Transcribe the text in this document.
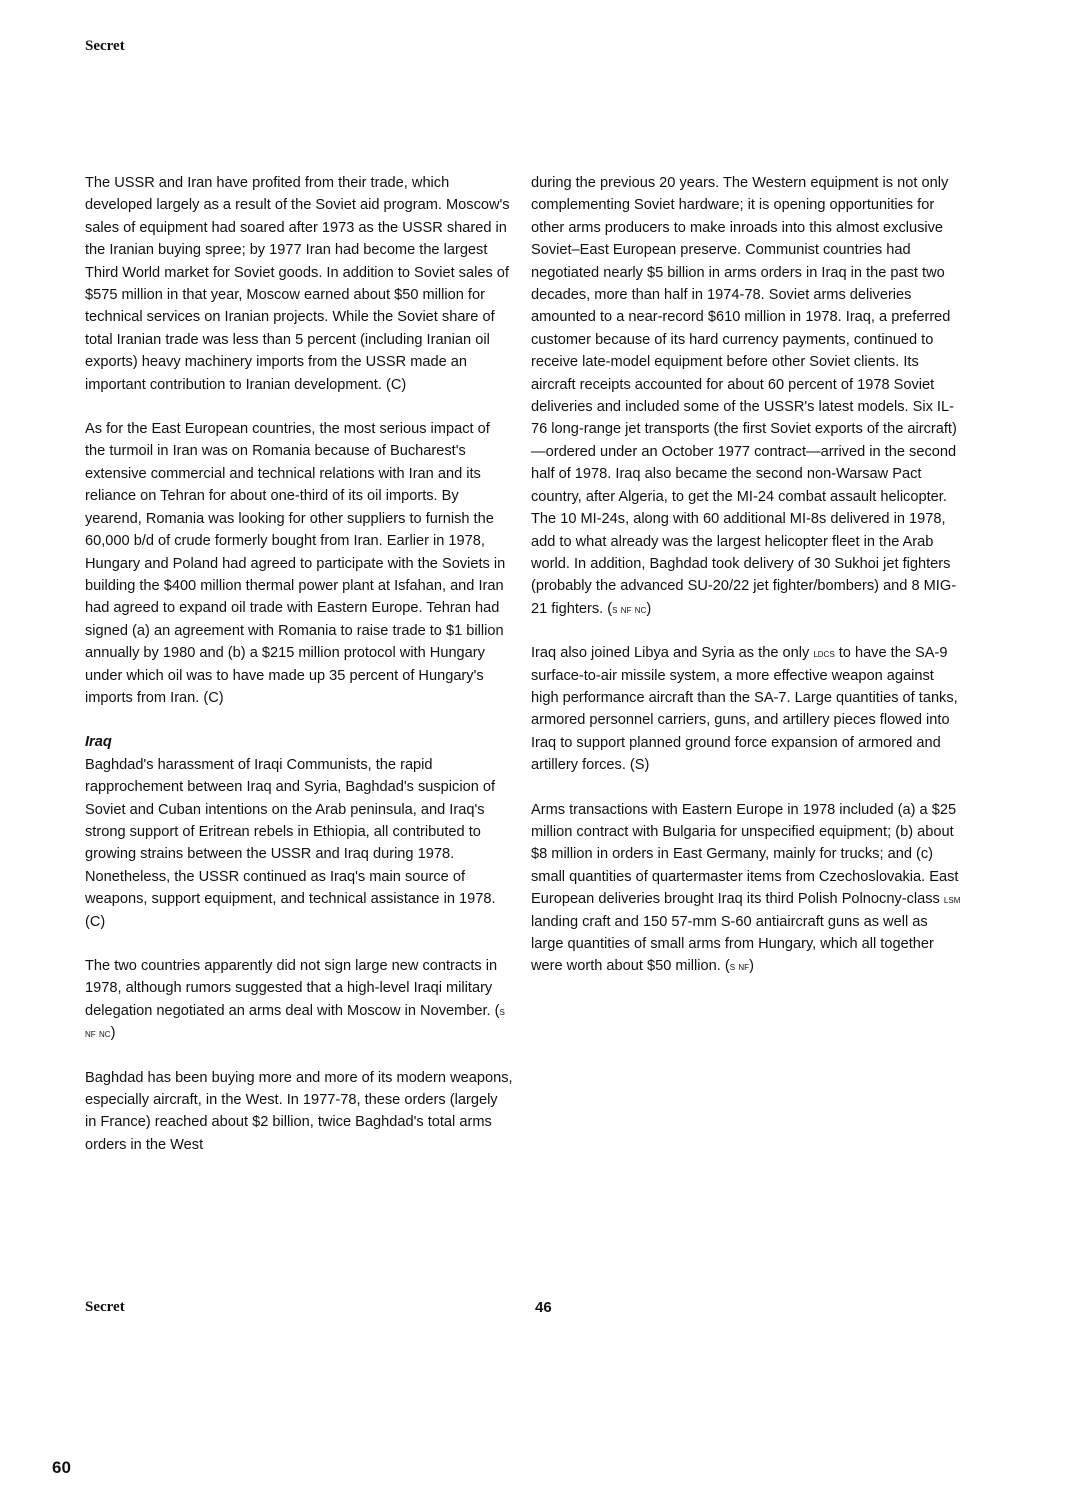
Secret

The USSR and Iran have profited from their trade, which developed largely as a result of the Soviet aid program. Moscow's sales of equipment had soared after 1973 as the USSR shared in the Iranian buying spree; by 1977 Iran had become the largest Third World market for Soviet goods. In addition to Soviet sales of $575 million in that year, Moscow earned about $50 million for technical services on Iranian projects. While the Soviet share of total Iranian trade was less than 5 percent (including Iranian oil exports) heavy machinery imports from the USSR made an important contribution to Iranian development. (C)

As for the East European countries, the most serious impact of the turmoil in Iran was on Romania because of Bucharest's extensive commercial and technical relations with Iran and its reliance on Tehran for about one-third of its oil imports. By yearend, Romania was looking for other suppliers to furnish the 60,000 b/d of crude formerly bought from Iran. Earlier in 1978, Hungary and Poland had agreed to participate with the Soviets in building the $400 million thermal power plant at Isfahan, and Iran had agreed to expand oil trade with Eastern Europe. Tehran had signed (a) an agreement with Romania to raise trade to $1 billion annually by 1980 and (b) a $215 million protocol with Hungary under which oil was to have made up 35 percent of Hungary's imports from Iran. (C)

Iraq

Baghdad's harassment of Iraqi Communists, the rapid rapprochement between Iraq and Syria, Baghdad's suspicion of Soviet and Cuban intentions on the Arab peninsula, and Iraq's strong support of Eritrean rebels in Ethiopia, all contributed to growing strains between the USSR and Iraq during 1978. Nonetheless, the USSR continued as Iraq's main source of weapons, support equipment, and technical assistance in 1978. (C)

The two countries apparently did not sign large new contracts in 1978, although rumors suggested that a high-level Iraqi military delegation negotiated an arms deal with Moscow in November. (s nf nc)

Baghdad has been buying more and more of its modern weapons, especially aircraft, in the West. In 1977-78, these orders (largely in France) reached about $2 billion, twice Baghdad's total arms orders in the West

during the previous 20 years. The Western equipment is not only complementing Soviet hardware; it is opening opportunities for other arms producers to make inroads into this almost exclusive Soviet–East European preserve. Communist countries had negotiated nearly $5 billion in arms orders in Iraq in the past two decades, more than half in 1974-78. Soviet arms deliveries amounted to a near-record $610 million in 1978. Iraq, a preferred customer because of its hard currency payments, continued to receive late-model equipment before other Soviet clients. Its aircraft receipts accounted for about 60 percent of 1978 Soviet deliveries and included some of the USSR's latest models. Six IL-76 long-range jet transports (the first Soviet exports of the aircraft)—ordered under an October 1977 contract—arrived in the second half of 1978. Iraq also became the second non-Warsaw Pact country, after Algeria, to get the MI-24 combat assault helicopter. The 10 MI-24s, along with 60 additional MI-8s delivered in 1978, add to what already was the largest helicopter fleet in the Arab world. In addition, Baghdad took delivery of 30 Sukhoi jet fighters (probably the advanced SU-20/22 jet fighter/bombers) and 8 MIG-21 fighters. (s nf nc)

Iraq also joined Libya and Syria as the only ldcs to have the SA-9 surface-to-air missile system, a more effective weapon against high performance aircraft than the SA-7. Large quantities of tanks, armored personnel carriers, guns, and artillery pieces flowed into Iraq to support planned ground force expansion of armored and artillery forces. (S)

Arms transactions with Eastern Europe in 1978 included (a) a $25 million contract with Bulgaria for unspecified equipment; (b) about $8 million in orders in East Germany, mainly for trucks; and (c) small quantities of quartermaster items from Czechoslovakia. East European deliveries brought Iraq its third Polish Polnocny-class lsm landing craft and 150 57-mm S-60 antiaircraft guns as well as large quantities of small arms from Hungary, which all together were worth about $50 million. (s nf)

Secret	46
60
